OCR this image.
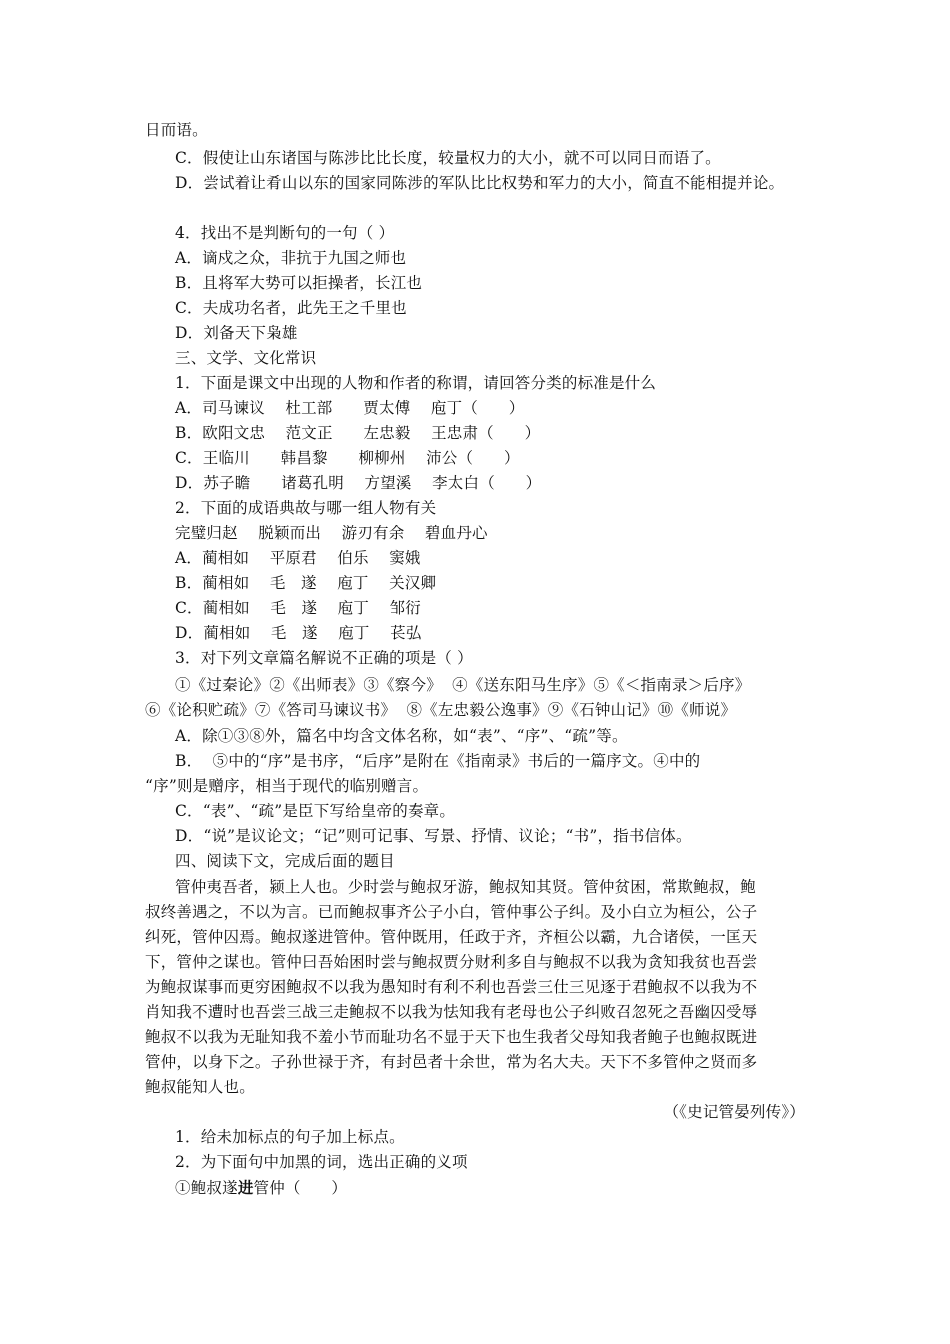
日而语。
C．假使让山东诸国与陈涉比比长度，较量权力的大小，就不可以同日而语了。
D．尝试着让肴山以东的国家同陈涉的军队比比权势和军力的大小，简直不能相提并论。
4．找出不是判断句的一句（ ）
A．谪戍之众，非抗于九国之师也
B．且将军大势可以拒操者，长江也
C．夫成功名者，此先王之千里也
D．刘备天下枭雄
三、文学、文化常识
1．下面是课文中出现的人物和作者的称谓，请回答分类的标准是什么
A．司马谏议    杜工部      贾太傅    庖丁（      ）
B．欧阳文忠    范文正      左忠毅    王忠肃（      ）
C．王临川      韩昌黎      柳柳州    沛公（      ）
D．苏子瞻      诸葛孔明    方望溪    李太白（      ）
2．下面的成语典故与哪一组人物有关
完璧归赵    脱颖而出    游刃有余    碧血丹心
A．蔺相如    平原君    伯乐    窦娥
B．蔺相如    毛   遂    庖丁    关汉卿
C．蔺相如    毛   遂    庖丁    邹衍
D．蔺相如    毛   遂    庖丁    苌弘
3．对下列文章篇名解说不正确的项是（ ）
①《过秦论》②《出师表》③《察今》  ④《送东阳马生序》⑤《＜指南录＞后序》
⑥《论积贮疏》⑦《答司马谏议书》  ⑧《左忠毅公逸事》⑨《石钟山记》⑩《师说》
A．除①③⑧外，篇名中均含文体名称，如“表”、“序”、“疏”等。
B．  ⑤中的“序”是书序，“后序”是附在《指南录》书后的一篇序文。④中的
“序”则是赠序，相当于现代的临别赠言。
C．“表”、“疏”是臣下写给皇帝的奏章。
D．“说”是议论文；“记”则可记事、写景、抒情、议论；“书”，指书信体。
四、阅读下文，完成后面的题目
管仲夷吾者，颍上人也。少时尝与鲍叔牙游，鲍叔知其贤。管仲贫困，常欺鲍叔，鲍
叔终善遇之，不以为言。已而鲍叔事齐公子小白，管仲事公子纠。及小白立为桓公，公子
纠死，管仲囚焉。鲍叔遂进管仲。管仲既用，任政于齐，齐桓公以霸，九合诸侯，一匡天
下，管仲之谋也。管仲曰吾始困时尝与鲍叔贾分财利多自与鲍叔不以我为贪知我贫也吾尝
为鲍叔谋事而更穷困鲍叔不以我为愚知时有利不利也吾尝三仕三见逐于君鲍叔不以我为不
肖知我不遭时也吾尝三战三走鲍叔不以我为怯知我有老母也公子纠败召忽死之吾幽囚受辱
鲍叔不以我为无耻知我不羞小节而耻功名不显于天下也生我者父母知我者鲍子也鲍叔既进
管仲，以身下之。子孙世禄于齐，有封邑者十余世，常为名大夫。天下不多管仲之贤而多
鲍叔能知人也。
（《史记管晏列传》）
1．给未加标点的句子加上标点。
2．为下面句中加黑的词，选出正确的义项
①鲍叔遂进管仲（      ）
